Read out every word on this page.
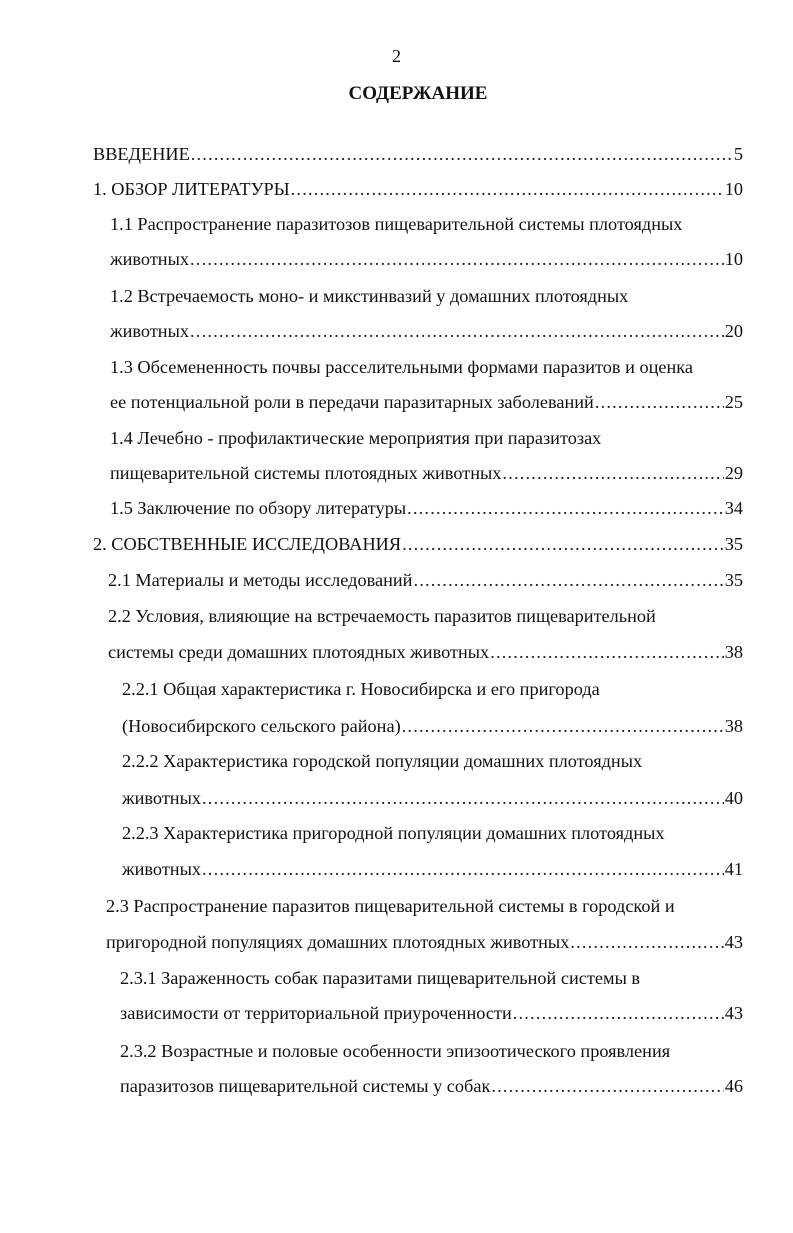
2
СОДЕРЖАНИЕ
ВВЕДЕНИЕ .....	5
1. ОБЗОР ЛИТЕРАТУРЫ .....	10
1.1 Распространение паразитозов пищеварительной системы плотоядных
животных .....	10
1.2 Встречаемость моно- и микстинвазий у домашних плотоядных
животных .....	20
1.3 Обсемененность почвы расселительными формами паразитов и оценка
ее потенциальной роли в передачи паразитарных заболеваний .....	25
1.4 Лечебно - профилактические мероприятия при паразитозах
пищеварительной системы плотоядных животных .....	29
1.5 Заключение по обзору литературы .....	34
2. СОБСТВЕННЫЕ ИССЛЕДОВАНИЯ .....	35
2.1 Материалы и методы исследований .....	35
2.2 Условия, влияющие на встречаемость паразитов пищеварительной
системы среди домашних плотоядных животных .....	38
2.2.1 Общая характеристика г. Новосибирска и его пригорода
(Новосибирского сельского района) .....	38
2.2.2 Характеристика городской популяции домашних плотоядных
животных .....	40
2.2.3 Характеристика пригородной популяции домашних плотоядных
животных .....	41
2.3 Распространение паразитов пищеварительной системы в городской и
пригородной популяциях домашних плотоядных животных .....	43
2.3.1 Зараженность собак паразитами пищеварительной системы в
зависимости от территориальной приуроченности .....	43
2.3.2 Возрастные и половые особенности эпизоотического проявления
паразитозов пищеварительной системы у собак .....	46
